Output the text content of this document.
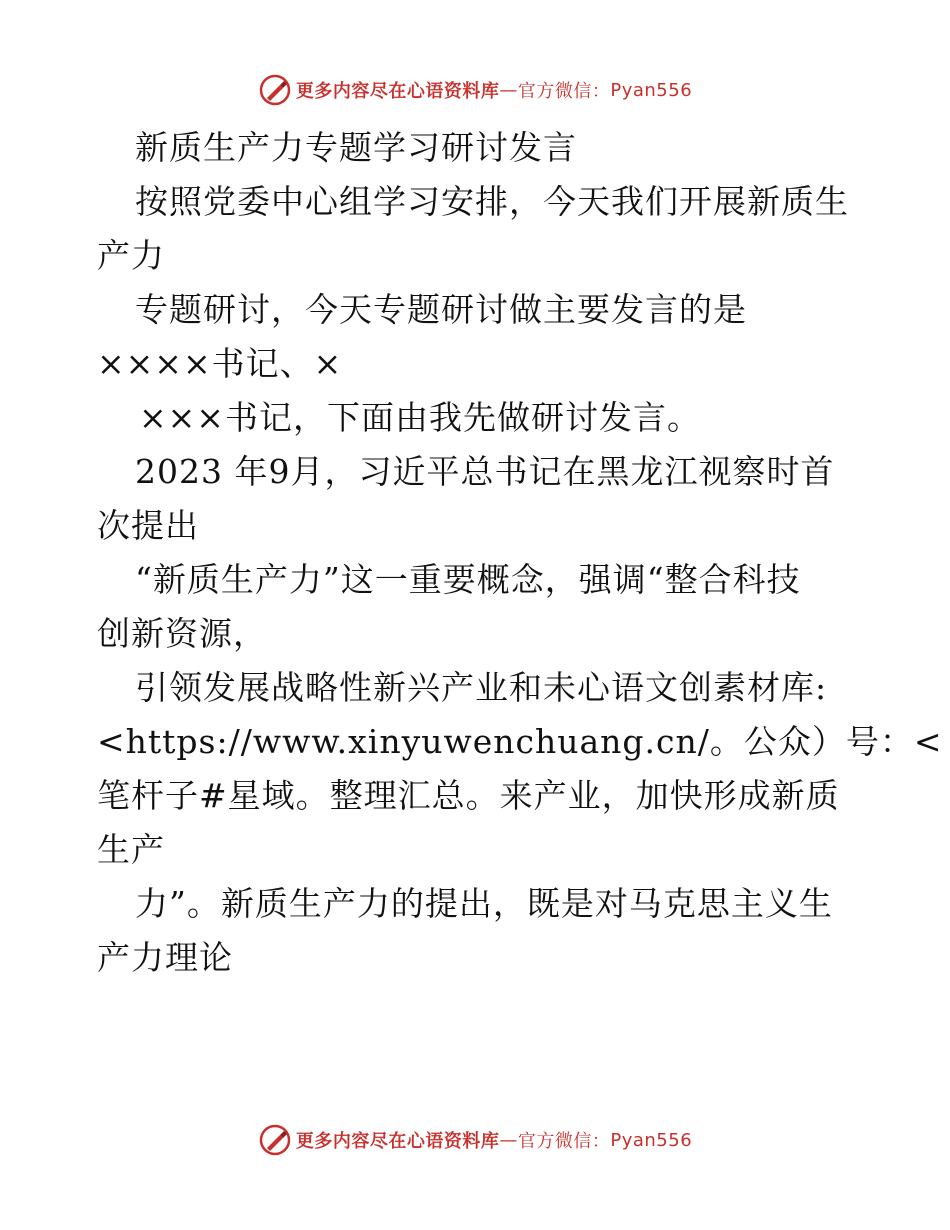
更多内容尽在心语资料库 — 官方微信： Pyan556
新质生产力专题学习研讨发言
按照党委中心组学习安排，今天我们开展新质生
产力
专题研讨，今天专题研讨做主要发言的是
××××书记、×
×××书记，下面由我先做研讨发言。
2023 年9月，习近平总书记在黑龙江视察时首
次提出
“新质生产力”这一重要概念，强调“整合科技
创新资源，
引领发展战略性新兴产业和未心语文创素材库:
<https://www.xinyuwenchuang.cn/。公众）号：<
笔杆子#星域。整理汇总。来产业，加快形成新质
生产
力”。新质生产力的提出，既是对马克思主义生
产力理论
更多内容尽在心语资料库 — 官方微信： Pyan556
